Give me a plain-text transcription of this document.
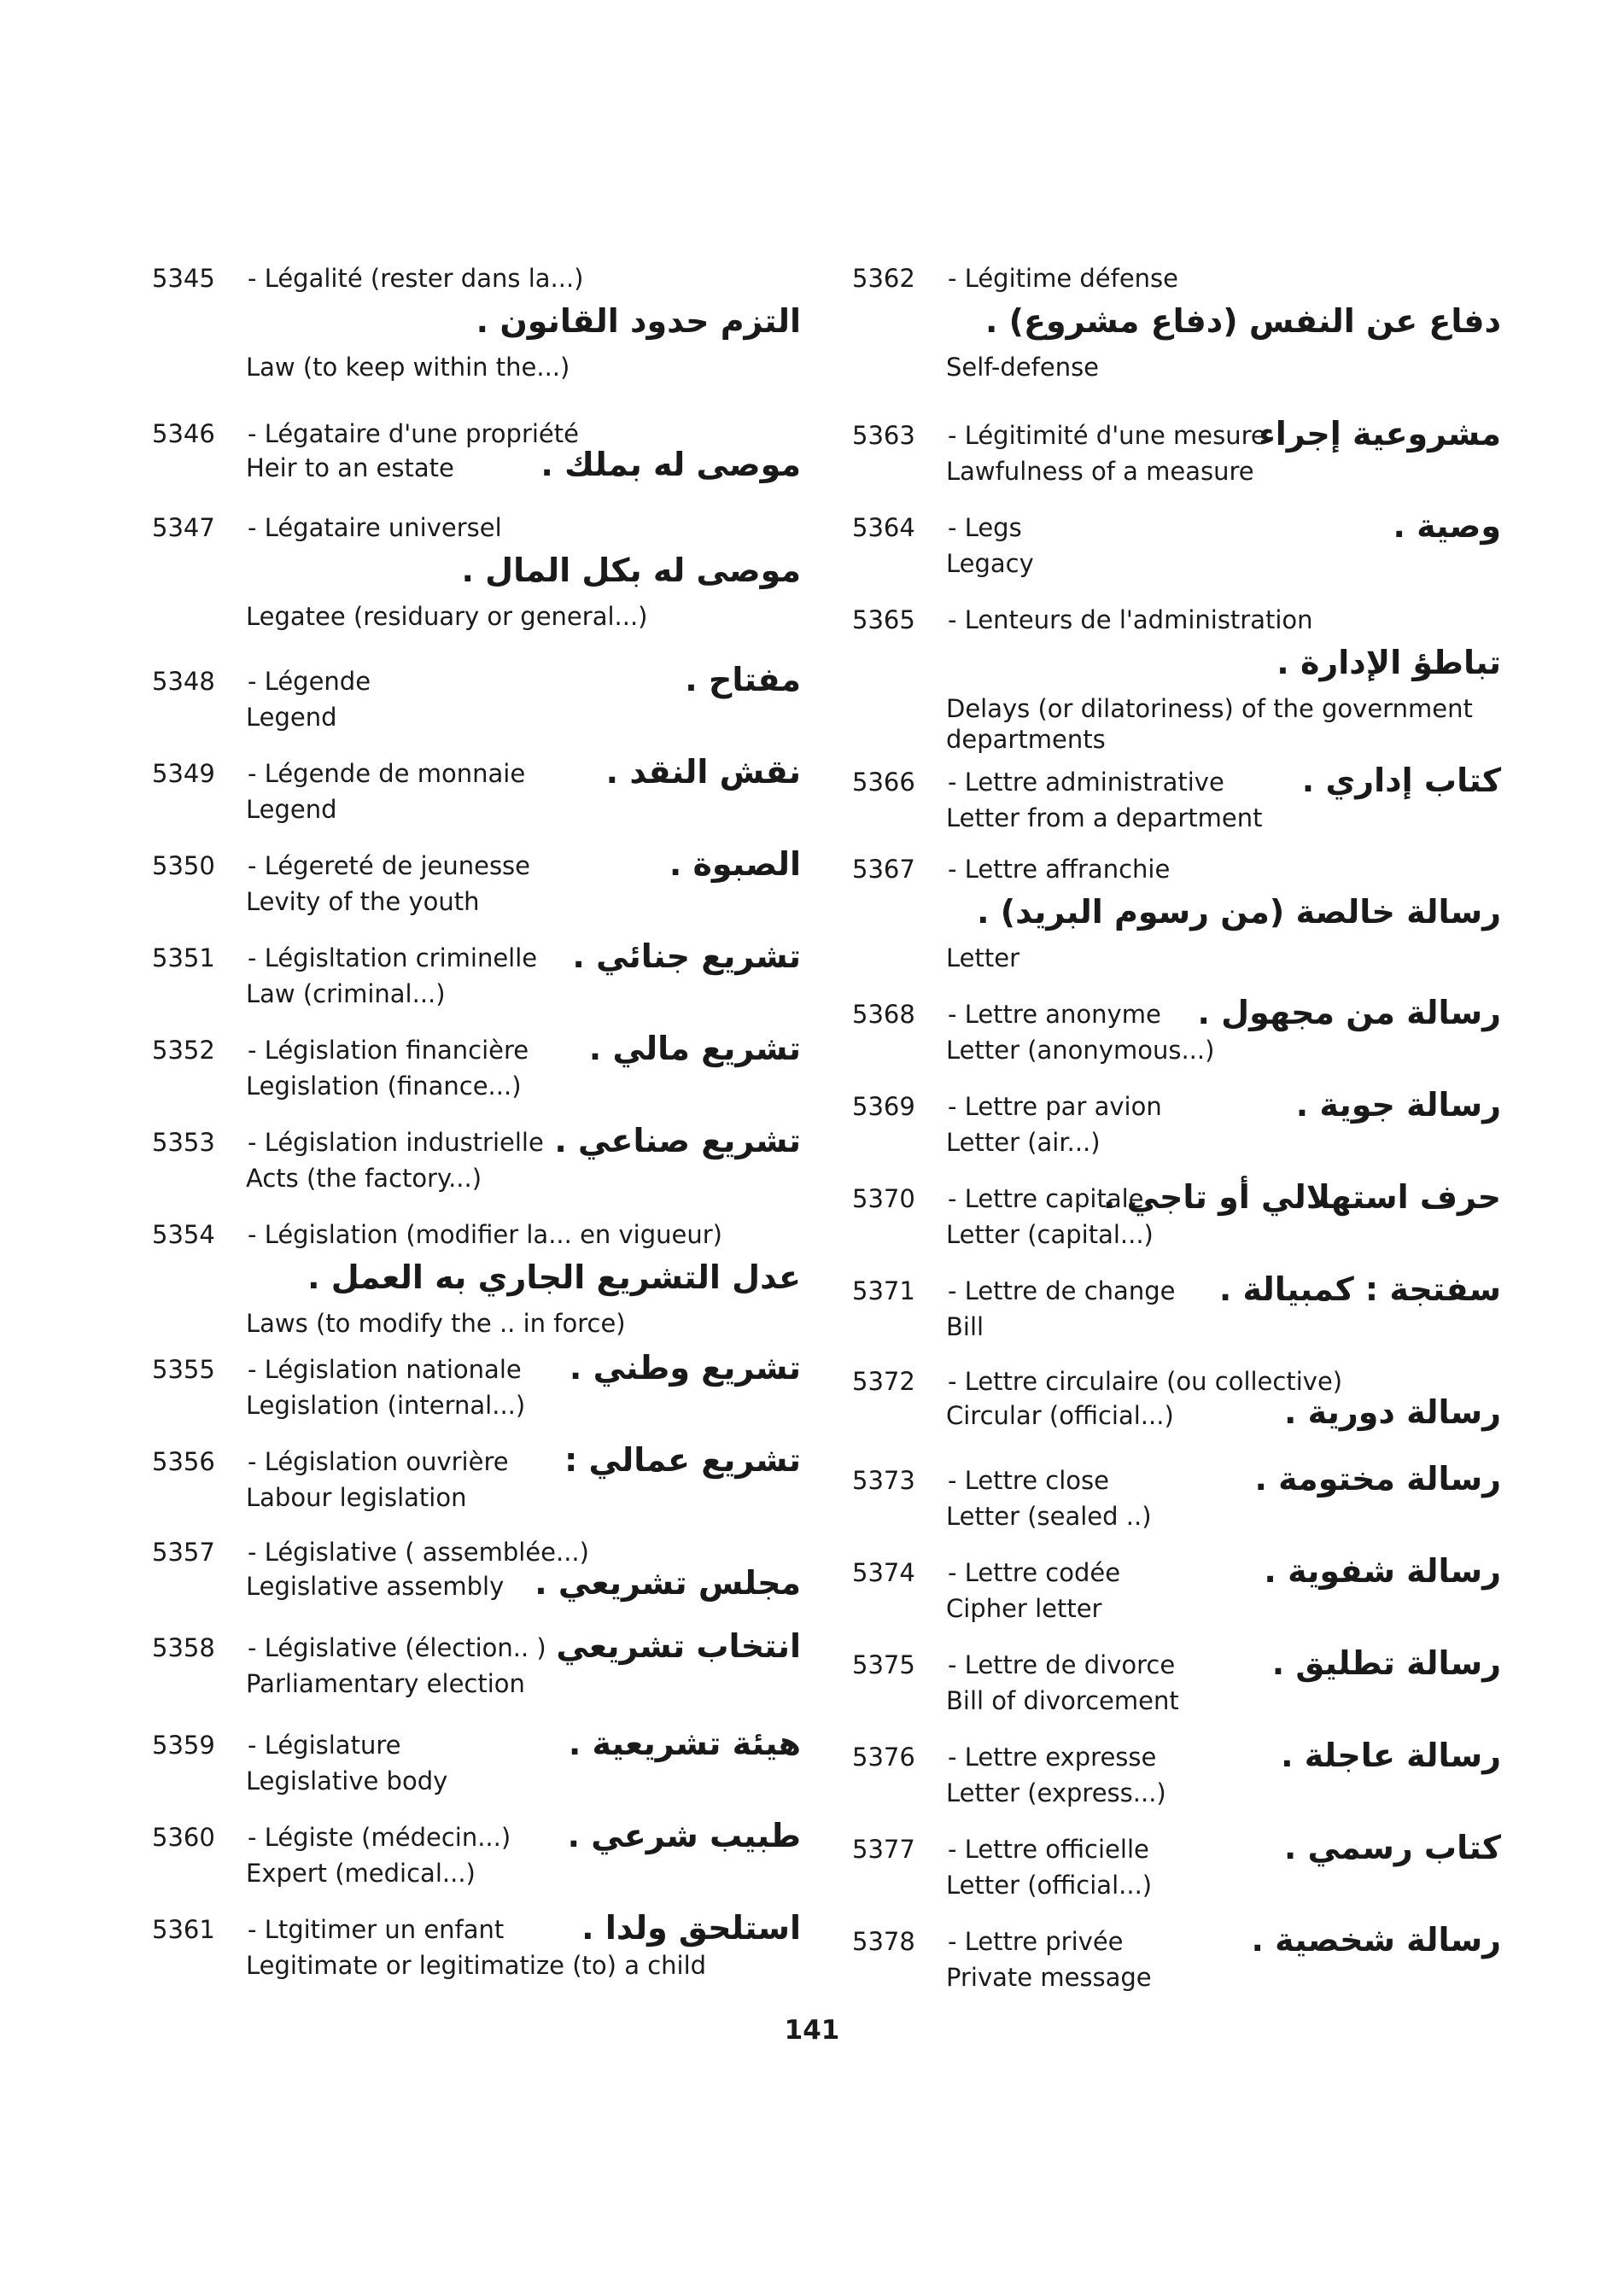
5345 - Légalité (rester dans la...)
التزم حدود القانون .
Law (to keep within the...)
5346 - Légataire d'une propriété
موصى له بملك .
Heir to an estate
5347 - Légataire universel
موصى له بكل المال .
Legatee (residuary or general...)
5348 - Légende	مفتاح .
Legend
5349 - Légende de monnaie نقش النقد .
Legend
5350 - Légereté de jeunesse	الصبوة .
Levity of the youth
5351 - Législtation criminelle تشريع جنائي .
Law (criminal...)
5352 - Législation financière تشريع مالي .
Legislation (finance...)
5353 - Législation industrielle تشريع صناعي .
Acts (the factory...)
5354 - Législation (modifier la... en vigueur)
عدل التشريع الجاري به العمل .
Laws (to modify the .. in force)
5355 - Législation nationale تشريع وطني .
Legislation (internal...)
5356 - Législation ouvrière تشريع عمالي :
Labour legislation
5357 - Législative ( assemblée...)
مجلس تشريعي .
Legislative assembly
5358 - Législative (élection.. ) انتخاب تشريعي
Parliamentary election
5359 - Législature	هيئة تشريعية .
Legislative body
5360 - Légiste (médecin...) طبيب شرعي .
Expert (medical...)
5361 - Ltgitimer un enfant استلحق ولدا .
Legitimate or legitimatize (to) a child
5362 - Légitime défense
دفاع عن النفس (دفاع مشروع) .
Self-defense
5363 - Légitimité d'une mesure
مشروعية إجراء
Lawfulness of a measure
5364 - Legs	وصية .
Legacy
5365 - Lenteurs de l'administration
تباطؤ الإدارة .
Delays (or dilatoriness) of the government departments
5366 - Lettre administrative كتاب إداري .
Letter from a department
5367 - Lettre affranchie
رسالة خالصة (من رسوم البريد) .
Letter
5368 - Lettre anonyme رسالة من مجهول .
Letter (anonymous...)
5369 - Lettre par avion	رسالة جوية .
Letter (air...)
5370 - Lettre capitale
حرف استهلالي أو تاجي .
Letter (capital...)
5371 - Lettre de change سفتجة : كمبيالة .
Bill
5372 - Lettre circulaire (ou collective)
رسالة دورية .
Circular (official...)
5373 - Lettre close	رسالة مختومة .
Letter (sealed ..)
5374 - Lettre codée	رسالة شفوية .
Cipher letter
5375 - Lettre de divorce	رسالة تطليق .
Bill of divorcement
5376 - Lettre expresse	رسالة عاجلة .
Letter (express...)
5377 - Lettre officielle	كتاب رسمي .
Letter (official...)
5378 - Lettre privée	رسالة شخصية .
Private message
141
